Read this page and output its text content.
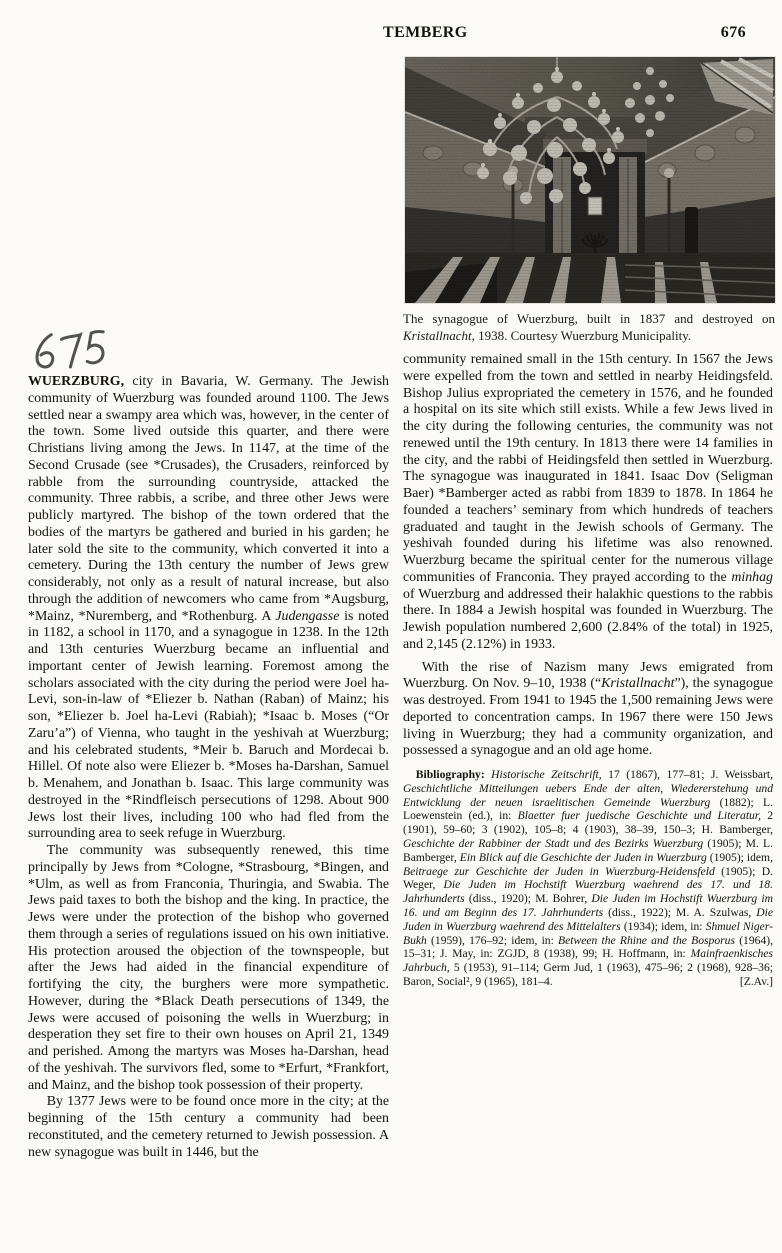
TEMBERG	676
The synagogue of Wuerzburg, built in 1837 and destroyed on Kristallnacht, 1938. Courtesy Wuerzburg Municipality.

WUERZBURG, city in Bavaria, W. Germany. The Jewish community of Wuerzburg was founded around 1100. The Jews settled near a swampy area which was, however, in the center of the town. Some lived outside this quarter, and there were Christians living among the Jews. In 1147, at the time of the Second Crusade (see *Crusades), the Crusaders, reinforced by rabble from the surrounding countryside, attacked the community. Three rabbis, a scribe, and three other Jews were publicly martyred. The bishop of the town ordered that the bodies of the martyrs be gathered and buried in his garden; he later sold the site to the community, which converted it into a cemetery. During the 13th century the number of Jews grew considerably, not only as a result of natural increase, but also through the addition of newcomers who came from *Augsburg, *Mainz, *Nuremberg, and *Rothenburg. A Judengasse is noted in 1182, a school in 1170, and a synagogue in 1238. In the 12th and 13th centuries Wuerzburg became an influential and important center of Jewish learning. Foremost among the scholars associated with the city during the period were Joel ha-Levi, son-in-law of *Eliezer b. Nathan (Raban) of Mainz; his son, *Eliezer b. Joel ha-Levi (Rabiah); *Isaac b. Moses (“Or Zaru’a”) of Vienna, who taught in the yeshivah at Wuerzburg; and his celebrated students, *Meir b. Baruch and Mordecai b. Hillel. Of note also were Eliezer b. *Moses ha-Darshan, Samuel b. Menahem, and Jonathan b. Isaac. This large community was destroyed in the *Rindfleisch persecutions of 1298. About 900 Jews lost their lives, including 100 who had fled from the surrounding area to seek refuge in Wuerzburg.

The community was subsequently renewed, this time principally by Jews from *Cologne, *Strasbourg, *Bingen, and *Ulm, as well as from Franconia, Thuringia, and Swabia. The Jews paid taxes to both the bishop and the king. In practice, the Jews were under the protection of the bishop who governed them through a series of regulations issued on his own initiative. His protection aroused the objection of the townspeople, but after the Jews had aided in the financial expenditure of fortifying the city, the burghers were more sympathetic. However, during the *Black Death persecutions of 1349, the Jews were accused of poisoning the wells in Wuerzburg; in desperation they set fire to their own houses on April 21, 1349 and perished. Among the martyrs was Moses ha-Darshan, head of the yeshivah. The survivors fled, some to *Erfurt, *Frankfort, and Mainz, and the bishop took possession of their property.

By 1377 Jews were to be found once more in the city; at the beginning of the 15th century a community had been reconstituted, and the cemetery returned to Jewish possession. A new synagogue was built in 1446, but the

community remained small in the 15th century. In 1567 the Jews were expelled from the town and settled in nearby Heidingsfeld. Bishop Julius expropriated the cemetery in 1576, and he founded a hospital on its site which still exists. While a few Jews lived in the city during the following centuries, the community was not renewed until the 19th century. In 1813 there were 14 families in the city, and the rabbi of Heidingsfeld then settled in Wuerzburg. The synagogue was inaugurated in 1841. Isaac Dov (Seligman Baer) *Bamberger acted as rabbi from 1839 to 1878. In 1864 he founded a teachers’ seminary from which hundreds of teachers graduated and taught in the Jewish schools of Germany. The yeshivah founded during his lifetime was also renowned. Wuerzburg became the spiritual center for the numerous village communities of Franconia. They prayed according to the minhag of Wuerzburg and addressed their halakhic questions to the rabbis there. In 1884 a Jewish hospital was founded in Wuerzburg. The Jewish population numbered 2,600 (2.84% of the total) in 1925, and 2,145 (2.12%) in 1933.

With the rise of Nazism many Jews emigrated from Wuerzburg. On Nov. 9–10, 1938 (“Kristallnacht”), the synagogue was destroyed. From 1941 to 1945 the 1,500 remaining Jews were deported to concentration camps. In 1967 there were 150 Jews living in Wuerzburg; they had a community organization, and possessed a synagogue and an old age home.

Bibliography: Historische Zeitschrift, 17 (1867), 177–81; J. Weissbart, Geschichtliche Mitteilungen uebers Ende der alten, Wiedererstehung und Entwicklung der neuen israelitischen Gemeinde Wuerzburg (1882); L. Loewenstein (ed.), in: Blaetter fuer juedische Geschichte und Literatur, 2 (1901), 59–60; 3 (1902), 105–8; 4 (1903), 38–39, 150–3; H. Bamberger, Geschichte der Rabbiner der Stadt und des Bezirks Wuerzburg (1905); M. L. Bamberger, Ein Blick auf die Geschichte der Juden in Wuerzburg (1905); idem, Beitraege zur Geschichte der Juden in Wuerzburg-Heidensfeld (1905); D. Weger, Die Juden im Hochstift Wuerzburg waehrend des 17. und 18. Jahrhunderts (diss., 1920); M. Bohrer, Die Juden im Hochstift Wuerzburg im 16. und am Beginn des 17. Jahrhunderts (diss., 1922); M. A. Szulwas, Die Juden in Wuerzburg waehrend des Mittelalters (1934); idem, in: Shmuel Niger-Bukh (1959), 176–92; idem, in: Between the Rhine and the Bosporus (1964), 15–31; J. May, in: ZGJD, 8 (1938), 99; H. Hoffmann, in: Mainfraenkisches Jahrbuch, 5 (1953), 91–114; Germ Jud, 1 (1963), 475–96; 2 (1968), 928–36; Baron, Social², 9 (1965), 181–4.	[Z.Av.]
